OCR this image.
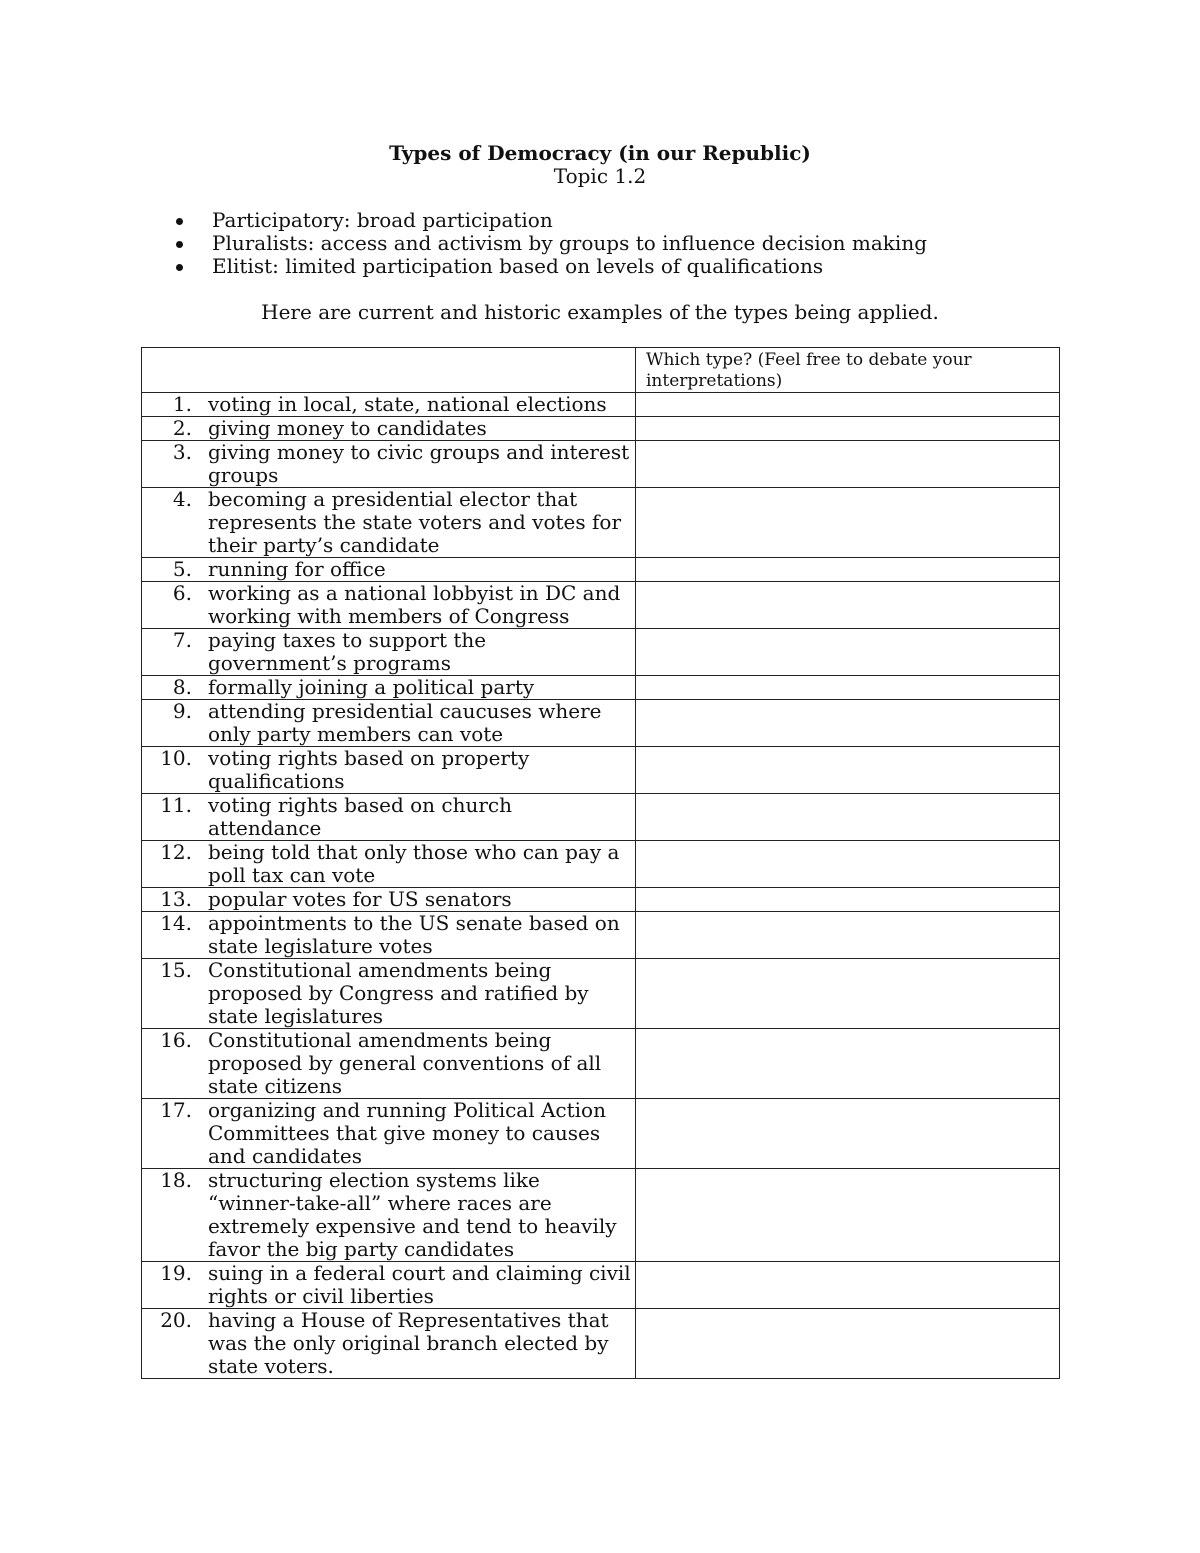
Types of Democracy (in our Republic)
Topic 1.2
Participatory: broad participation
Pluralists: access and activism by groups to influence decision making
Elitist: limited participation based on levels of qualifications
Here are current and historic examples of the types being applied.
	Which type? (Feel free to debate your interpretations)

1. voting in local, state, national elections	

2. giving money to candidates	

3. giving money to civic groups and interest groups	

4. becoming a presidential elector that represents the state voters and votes for their party’s candidate	

5. running for office	

6. working as a national lobbyist in DC and working with members of Congress	

7. paying taxes to support the government’s programs	

8. formally joining a political party	

9. attending presidential caucuses where only party members can vote	

10. voting rights based on property qualifications	

11. voting rights based on church attendance	

12. being told that only those who can pay a poll tax can vote	

13. popular votes for US senators	

14. appointments to the US senate based on state legislature votes	

15. Constitutional amendments being proposed by Congress and ratified by state legislatures	

16. Constitutional amendments being proposed by general conventions of all state citizens	

17. organizing and running Political Action Committees that give money to causes and candidates	

18. structuring election systems like “winner-take-all” where races are extremely expensive and tend to heavily favor the big party candidates	

19. suing in a federal court and claiming civil rights or civil liberties	

20. having a House of Representatives that was the only original branch elected by state voters.	
